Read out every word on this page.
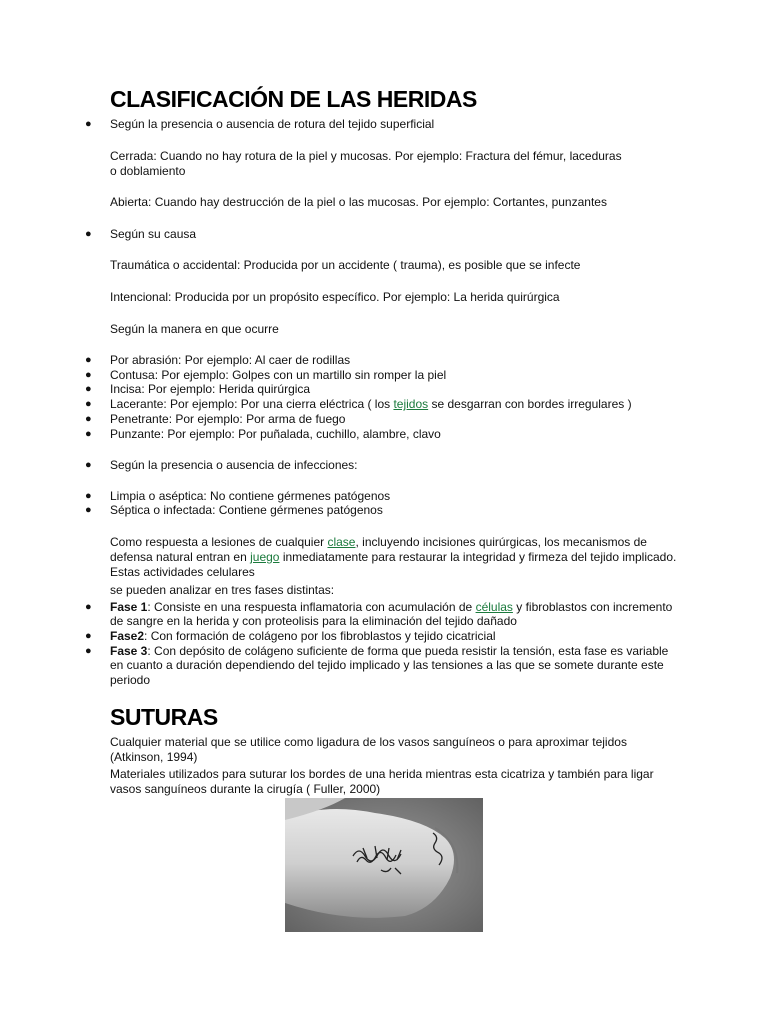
CLASIFICACIÓN DE LAS HERIDAS
● Según la presencia o ausencia de rotura del tejido superficial

Cerrada: Cuando no hay rotura de la piel y mucosas. Por ejemplo: Fractura del fémur, laceduras o doblamiento

Abierta: Cuando hay destrucción de la piel o las mucosas. Por ejemplo: Cortantes, punzantes

● Según su causa

Traumática o accidental: Producida por un accidente ( trauma), es posible que se infecte

Intencional: Producida por un propósito específico. Por ejemplo: La herida quirúrgica

Según la manera en que ocurre

● Por abrasión: Por ejemplo: Al caer de rodillas

● Contusa: Por ejemplo: Golpes con un martillo sin romper la piel

● Incisa: Por ejemplo: Herida quirúrgica

● Lacerante: Por ejemplo: Por una cierra eléctrica ( los tejidos se desgarran con bordes irregulares )

● Penetrante: Por ejemplo: Por arma de fuego

● Punzante: Por ejemplo: Por puñalada, cuchillo, alambre, clavo

● Según la presencia o ausencia de infecciones:

● Limpia o aséptica: No contiene gérmenes patógenos

● Séptica o infectada: Contiene gérmenes patógenos

Como respuesta a lesiones de cualquier clase, incluyendo incisiones quirúrgicas, los mecanismos de

defensa natural entran en juego inmediatamente para restaurar la integridad y firmeza del tejido implicado.

Estas actividades celulares

se pueden analizar en tres fases distintas:

● Fase 1: Consiste en una respuesta inflamatoria con acumulación de células y fibroblastos con incremento

de sangre en la herida y con proteolisis para la eliminación del tejido dañado

● Fase2: Con formación de colágeno por los fibroblastos y tejido cicatricial

● Fase 3: Con depósito de colágeno suficiente de forma que pueda resistir la tensión, esta fase es variable

en cuanto a duración dependiendo del tejido implicado y las tensiones a las que se somete durante este

periodo

SUTURAS

Cualquier material que se utilice como ligadura de los vasos sanguíneos o para aproximar tejidos

(Atkinson, 1994)

Materiales utilizados para suturar los bordes de una herida mientras esta cicatriza y también para ligar

vasos sanguíneos durante la cirugía ( Fuller, 2000)
